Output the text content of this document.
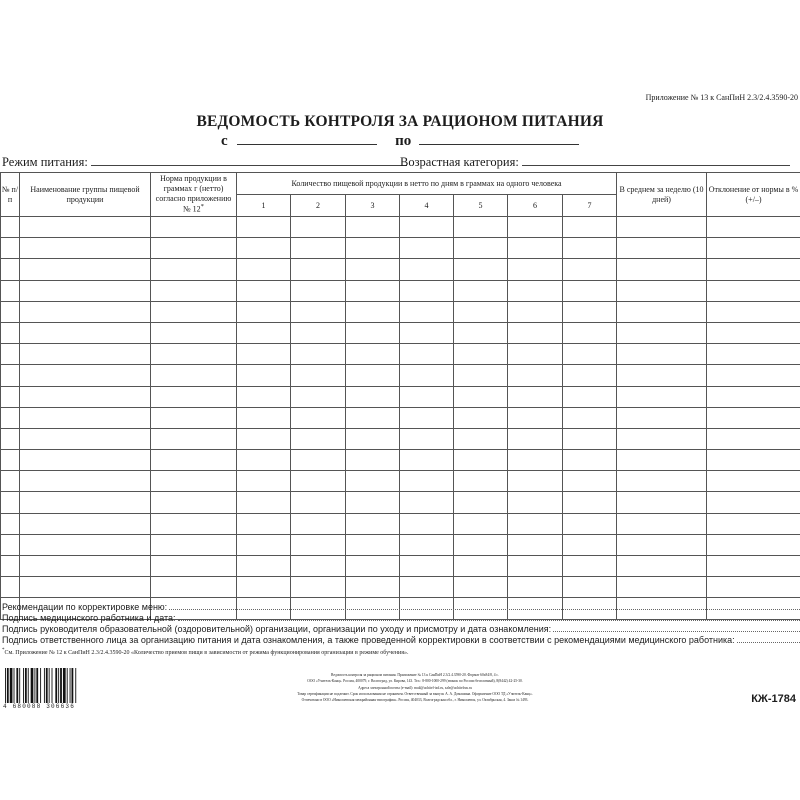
Приложение № 13 к СанПиН 2.3/2.4.3590-20
ВЕДОМОСТЬ КОНТРОЛЯ ЗА РАЦИОНОМ ПИТАНИЯ
с	по
Режим питания:	Возрастная категория:
№ п/п	Наименование группы пищевой продукции	Норма продукции в граммах г (нетто) согласно приложению № 12*	Количество пищевой продукции в нетто по дням в граммах на одного человека							В среднем за неделю (10 дней)	Отклонение от нормы в % (+/–)
			1	2	3	4	5	6	7		

Рекомендации по корректировке меню:
Подпись медицинского работника и дата:
Подпись руководителя образовательной (оздоровительной) организации, организации по уходу и присмотру и дата ознакомления:
Подпись ответственного лица за организацию питания и дата ознакомления, а также проведенной корректировки в соответствии с рекомендациями медицинского работника:
*См. Приложение № 12 к СанПиН 2.3/2.4.3590-20 «Количество приемов пищи в зависимости от режима функционирования организации в режиме обучения».
4 680088 306636
Ведомость контроля за рационом питания. Приложение № 13 к СанПиН 2.3/2.4.3590-20. Формат 60х84/8, 4 с.
ООО «Учитель-Канц». Россия, 400079, г. Волгоград, ул. Кирова, 143. Тел.: 8-800-1000-299 (звонок по России бесплатный), 8(8442) 42-25-30.
Адреса электронной почты (e-mail): mail@uchitel-izd.ru, sale@uchitelrus.ru
Товар сертификации не подлежит. Срок использования не ограничен. Ответственный за выпуск А. А. Домашина. Оформление ООО ТД «Учитель-Канц».
Отпечатано в ООО «Николаевская межрайонная типография». Россия, 404033, Волгоградская обл., г. Николаевск, ул. Октябрьская, 4. Заказ № 1493.	КЖ-1784
